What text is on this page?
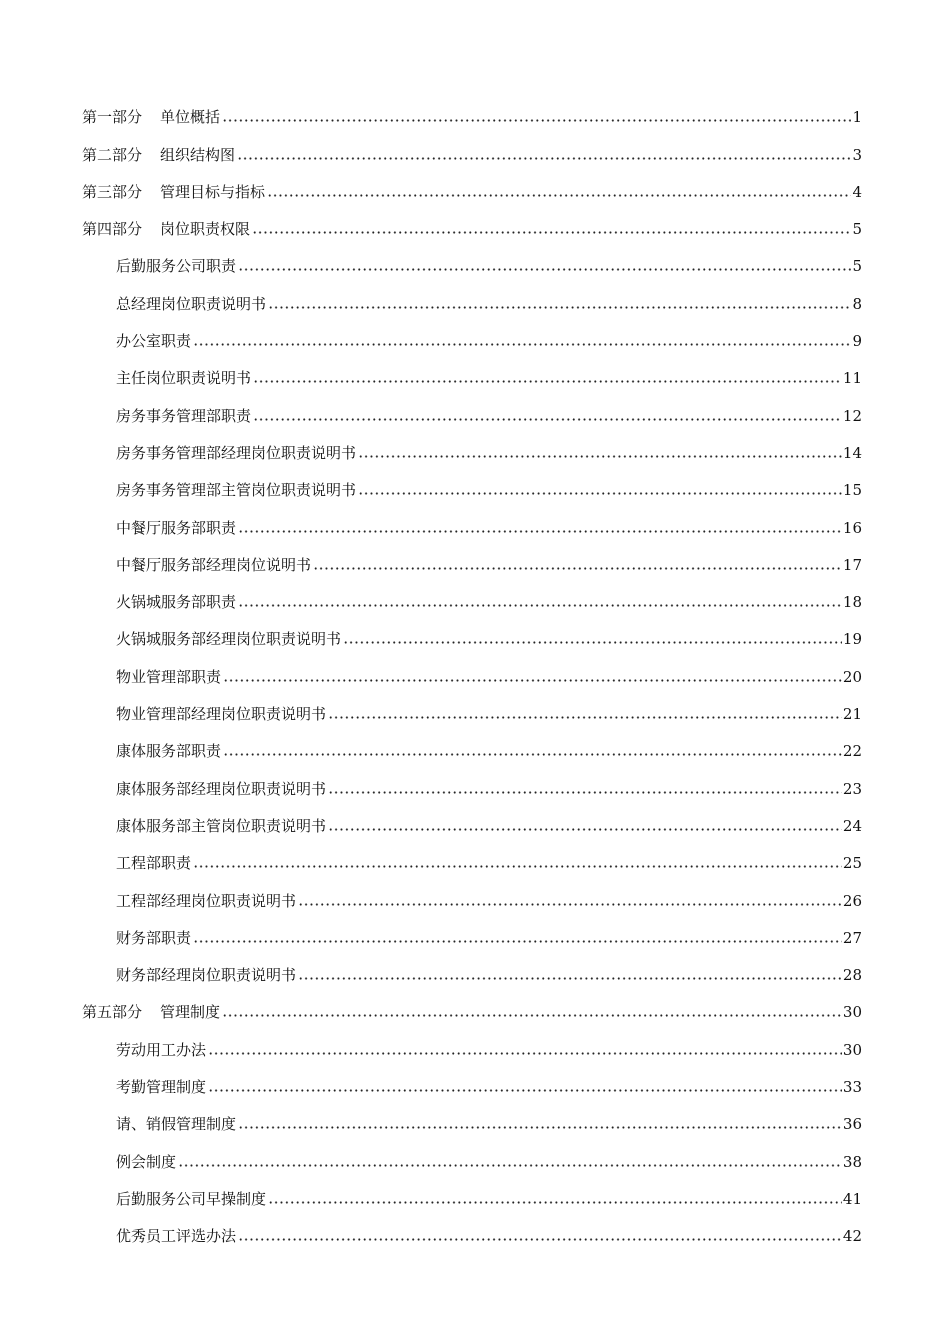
第一部分 单位概括	1
第二部分 组织结构图	3
第三部分 管理目标与指标	4
第四部分 岗位职责权限	5
后勤服务公司职责	5
总经理岗位职责说明书	8
办公室职责	9
主任岗位职责说明书	11
房务事务管理部职责	12
房务事务管理部经理岗位职责说明书	14
房务事务管理部主管岗位职责说明书	15
中餐厅服务部职责	16
中餐厅服务部经理岗位说明书	17
火锅城服务部职责	18
火锅城服务部经理岗位职责说明书	19
物业管理部职责	20
物业管理部经理岗位职责说明书	21
康体服务部职责	22
康体服务部经理岗位职责说明书	23
康体服务部主管岗位职责说明书	24
工程部职责	25
工程部经理岗位职责说明书	26
财务部职责	27
财务部经理岗位职责说明书	28
第五部分 管理制度	30
劳动用工办法	30
考勤管理制度	33
请、销假管理制度	36
例会制度	38
后勤服务公司早操制度	41
优秀员工评选办法	42
